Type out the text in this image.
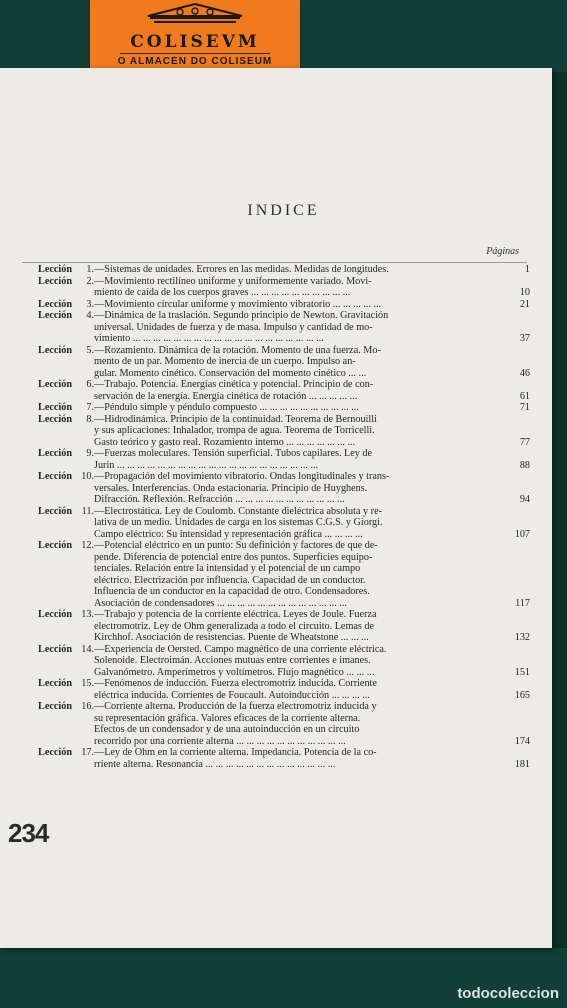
COLISEVM
O ALMACÉN DO COLISEUM
INDICE
Páginas
Lección	1. —Sistemas de unidades. Errores en las medidas. Medidas de longitudes.	1
Lección	2. —Movimiento rectilíneo uniforme y uniformemente variado. Movi-
miento de caída de los cuerpos graves ... ... ... ... ... ... ... ... ... ...	10
Lección	3. —Movimiento circular uniforme y movimiento vibratorio ... ... ... ... ...	21
Lección	4. —Dinámica de la traslación. Segundo principio de Newton. Gravitación
universal. Unidades de fuerza y de masa. Impulso y cantidad de mo-
vimiento ... ... ... ... ... ... ... ... ... ... ... ... ... ... ... ... ... ... ...	37
Lección	5. —Rozamiento. Dinámica de la rotación. Momento de una fuerza. Mo-
mento de un par. Momento de inercia de un cuerpo. Impulso an-
gular. Momento cinético. Conservación del momento cinético ... ...	46
Lección	6. —Trabajo. Potencia. Energías cinética y potencial. Principio de con-
servación de la energía. Energía cinética de rotación ... ... ... ... ...	61
Lección	7. —Péndulo simple y péndulo compuesto ... ... ... ... ... ... ... ... ... ...	71
Lección	8. —Hidrodinámica. Principio de la continuidad. Teorema de Bernouilli
y sus aplicaciones: Inhalador, trompa de agua. Teorema de Torricelli.
Gasto teórico y gasto real. Rozamiento interno ... ... ... ... ... ... ...	77
Lección	9. —Fuerzas moleculares. Tensión superficial. Tubos capilares. Ley de
Jurin ... ... ... ... ... ... ... ... ... ... ... ... ... ... ... ... ... ... ... ...	88
Lección 10. —Propagación del movimiento vibratorio. Ondas longitudinales y trans-
versales. Interferencias. Onda estacionaria. Principio de Huyghens.
Difracción. Reflexión. Refracción ... ... ... ... ... ... ... ... ... ... ...	94
Lección 11. —Electrostática. Ley de Coulomb. Constante dieléctrica absoluta y re-
lativa de un medio. Unidades de carga en los sistemas C.G.S. y Giorgi.
Campo eléctrico: Su intensidad y representación gráfica ... ... ... ...	107
Lección 12. —Potencial eléctrico en un punto: Su definición y factores de que de-
pende. Diferencia de potencial entre dos puntos. Superficies equipo-
tenciales. Relación entre la intensidad y el potencial de un campo
eléctrico. Electrización por influencia. Capacidad de un conductor.
Influencia de un conductor en la capacidad de otro. Condensadores.
Asociación de condensadores ... ... ... ... ... ... ... ... ... ... ... ... ...	117
Lección 13. —Trabajo y potencia de la corriente eléctrica. Leyes de Joule. Fuerza
electromotriz. Ley de Ohm generalizada a todo el circuito. Lemas de
Kirchhof. Asociación de resistencias. Puente de Wheatstone ... ... ...	132
Lección 14. —Experiencia de Oersted. Campo magnético de una corriente eléctrica.
Solenoide. Electroimán. Acciones mutuas entre corrientes e imanes.
Galvanómetro. Amperímetros y voltímetros. Flujo magnético ... ... ...	151
Lección 15. —Fenómenos de inducción. Fuerza electromotriz inducida. Corriente
eléctrica inducida. Corrientes de Foucault. Autoinducción ... ... ... ...	165
Lección 16. —Corriente alterna. Producción de la fuerza electromotriz inducida y
su representación gráfica. Valores eficaces de la corriente alterna.
Efectos de un condensador y de una autoinducción en un circuito
recorrido por una corriente alterna ... ... ... ... ... ... ... ... ... ... ...	174
Lección 17. —Ley de Ohm en la corriente alterna. Impedancia. Potencia de la co-
rriente alterna. Resonancia ... ... ... ... ... ... ... ... ... ... ... ... ...	181
234
todocoleccion
